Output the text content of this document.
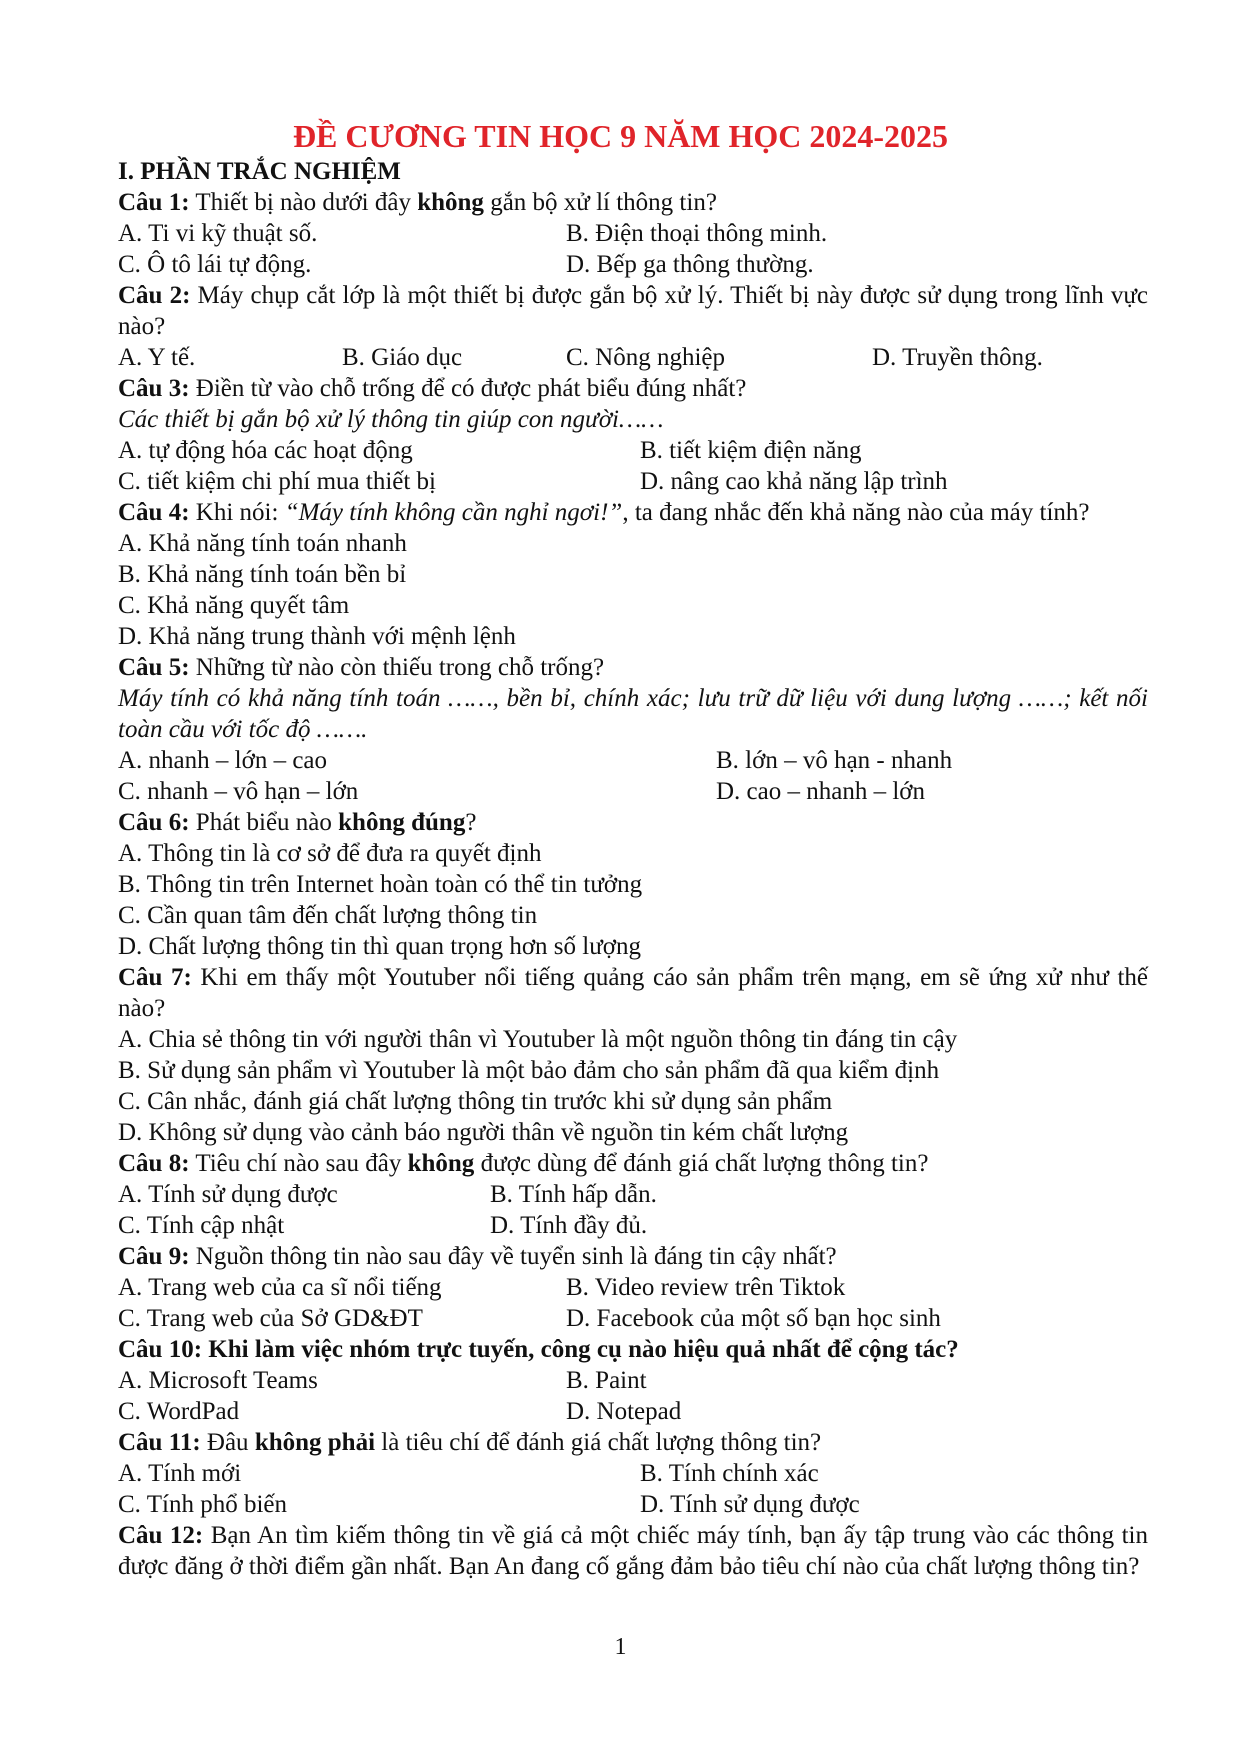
ĐỀ CƯƠNG TIN HỌC 9 NĂM HỌC 2024-2025
I. PHẦN TRẮC NGHIỆM
Câu 1: Thiết bị nào dưới đây không gắn bộ xử lí thông tin?
A. Ti vi kỹ thuật số.	B. Điện thoại thông minh.
C. Ô tô lái tự động.	D. Bếp ga thông thường.
Câu 2: Máy chụp cắt lớp là một thiết bị được gắn bộ xử lý. Thiết bị này được sử dụng trong lĩnh vực nào?
A. Y tế.	B. Giáo dục	C. Nông nghiệp	D. Truyền thông.
Câu 3: Điền từ vào chỗ trống để có được phát biểu đúng nhất?
Các thiết bị gắn bộ xử lý thông tin giúp con người……
A. tự động hóa các hoạt động	B. tiết kiệm điện năng
C. tiết kiệm chi phí mua thiết bị	D. nâng cao khả năng lập trình
Câu 4: Khi nói: “Máy tính không cần nghỉ ngơi!”, ta đang nhắc đến khả năng nào của máy tính?
A. Khả năng tính toán nhanh
B. Khả năng tính toán bền bỉ
C. Khả năng quyết tâm
D. Khả năng trung thành với mệnh lệnh
Câu 5: Những từ nào còn thiếu trong chỗ trống?
Máy tính có khả năng tính toán ……, bền bỉ, chính xác; lưu trữ dữ liệu với dung lượng ……; kết nối toàn cầu với tốc độ …….
A. nhanh – lớn – cao	B. lớn – vô hạn - nhanh
C. nhanh – vô hạn – lớn	D. cao – nhanh – lớn
Câu 6: Phát biểu nào không đúng?
A. Thông tin là cơ sở để đưa ra quyết định
B. Thông tin trên Internet hoàn toàn có thể tin tưởng
C. Cần quan tâm đến chất lượng thông tin
D. Chất lượng thông tin thì quan trọng hơn số lượng
Câu 7: Khi em thấy một Youtuber nổi tiếng quảng cáo sản phẩm trên mạng, em sẽ ứng xử như thế nào?
A. Chia sẻ thông tin với người thân vì Youtuber là một nguồn thông tin đáng tin cậy
B. Sử dụng sản phẩm vì Youtuber là một bảo đảm cho sản phẩm đã qua kiểm định
C. Cân nhắc, đánh giá chất lượng thông tin trước khi sử dụng sản phẩm
D. Không sử dụng vào cảnh báo người thân về nguồn tin kém chất lượng
Câu 8: Tiêu chí nào sau đây không được dùng để đánh giá chất lượng thông tin?
A. Tính sử dụng được	B. Tính hấp dẫn.
C. Tính cập nhật	D. Tính đầy đủ.
Câu 9: Nguồn thông tin nào sau đây về tuyển sinh là đáng tin cậy nhất?
A. Trang web của ca sĩ nổi tiếng	B. Video review trên Tiktok
C. Trang web của Sở GD&ĐT	D. Facebook của một số bạn học sinh
Câu 10: Khi làm việc nhóm trực tuyến, công cụ nào hiệu quả nhất để cộng tác?
A. Microsoft Teams	B. Paint
C. WordPad	D. Notepad
Câu 11: Đâu không phải là tiêu chí để đánh giá chất lượng thông tin?
A. Tính mới	B. Tính chính xác
C. Tính phổ biến	D. Tính sử dụng được
Câu 12: Bạn An tìm kiếm thông tin về giá cả một chiếc máy tính, bạn ấy tập trung vào các thông tin được đăng ở thời điểm gần nhất. Bạn An đang cố gắng đảm bảo tiêu chí nào của chất lượng thông tin?
1
